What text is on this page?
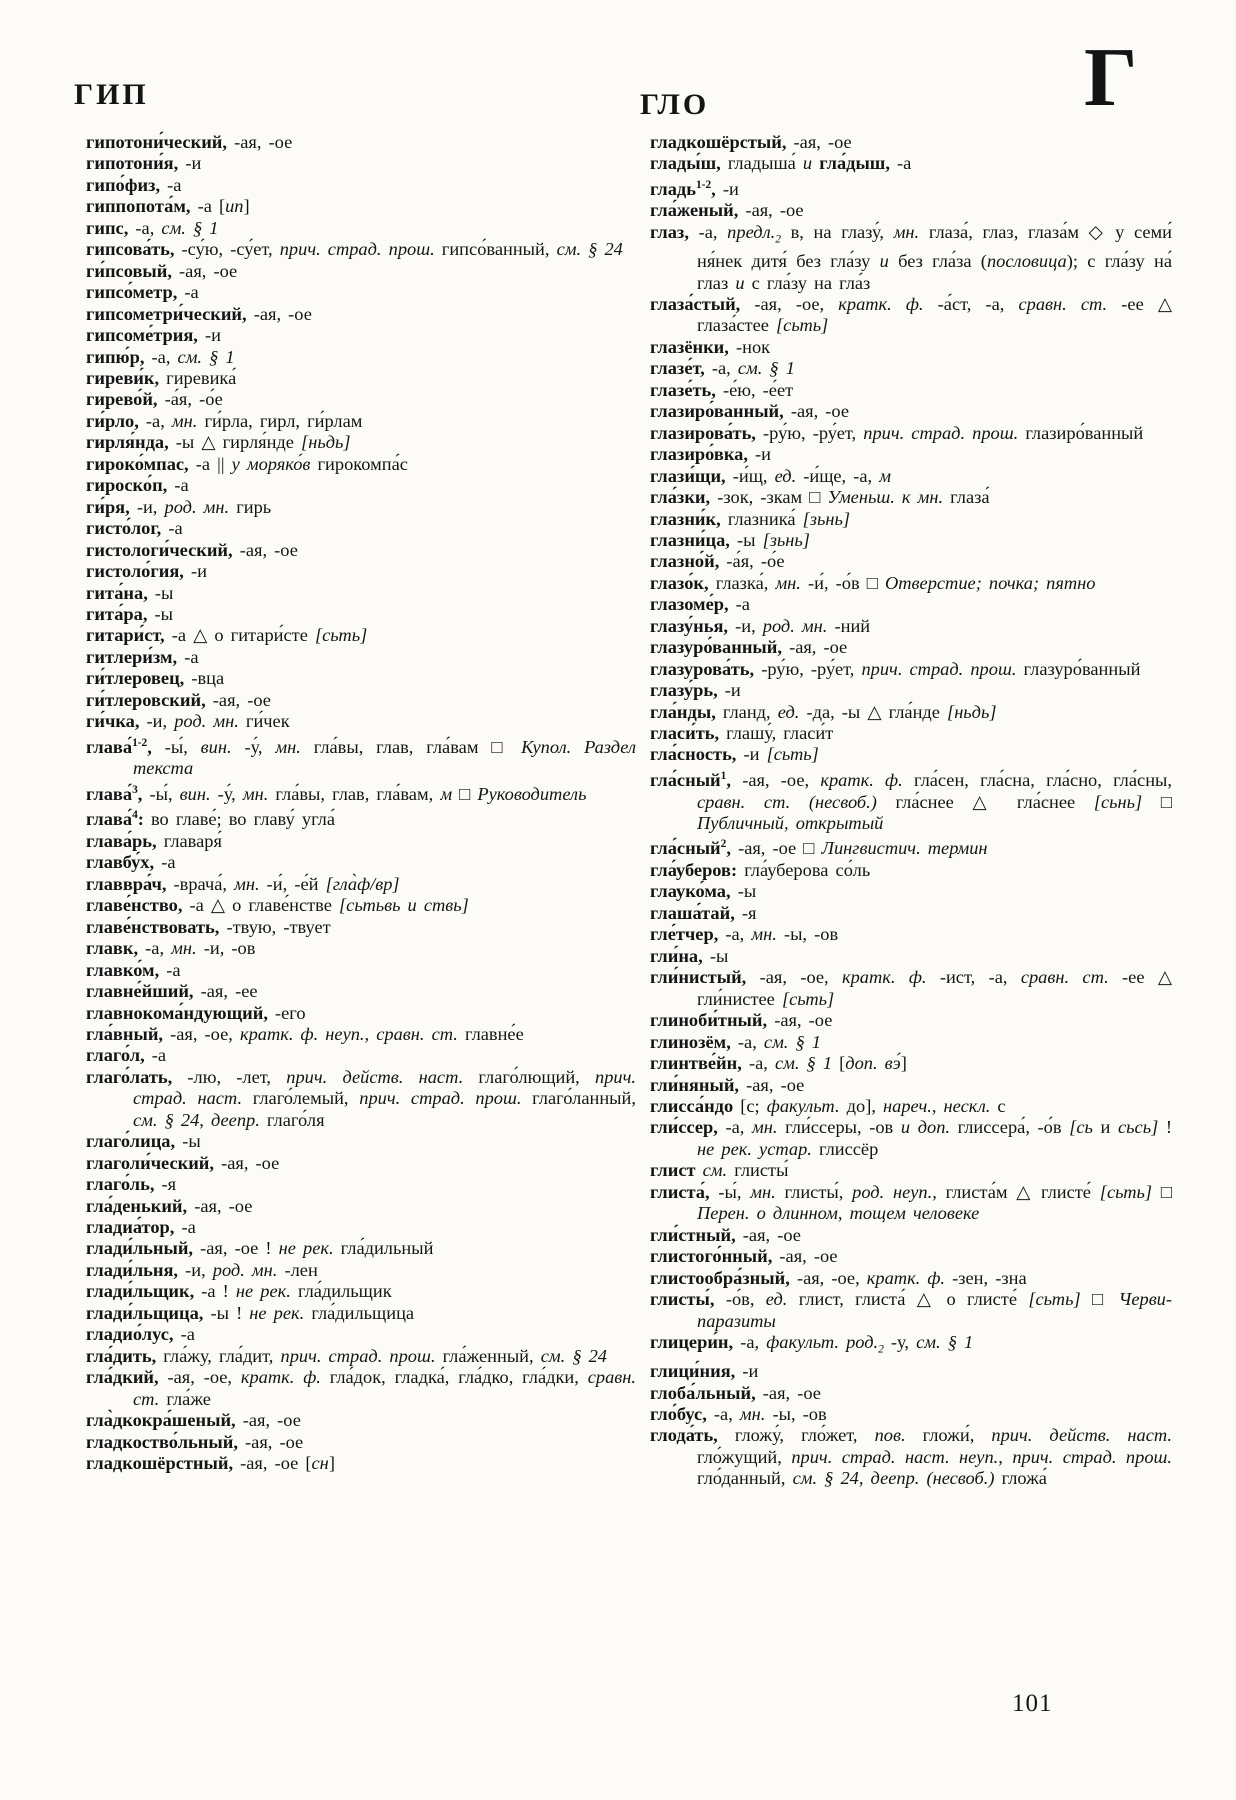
ГИП	ГЛО	Г

гипотони́ческий, -ая, -ое

гипотони́я, -и

гипо́физ, -а

гиппопота́м, -а [ип]

гипс, -а, см. § 1

гипсова́ть, -су́ю, -су́ет, прич. страд. прош. гипсо́ванный, см. § 24

ги́псовый, -ая, -ое

гипсо́метр, -а

гипсометри́ческий, -ая, -ое

гипсоме́трия, -и

гипю́р, -а, см. § 1

гиреви́к, гиревика́

гирево́й, -а́я, -о́е

ги́рло, -а, мн. ги́рла, гирл, ги́рлам

гирля́нда, -ы △ гирля́нде [ньдь]

гироко́мпас, -а || у моряко́в гирокомпа́с

гироско́п, -а

ги́ря, -и, род. мн. гирь

гисто́лог, -а

гистологи́ческий, -ая, -ое

гистоло́гия, -и

гита́на, -ы

гита́ра, -ы

гитари́ст, -а △ о гитари́сте [сьть]

гитлери́зм, -а

ги́тлеровец, -вца

ги́тлеровский, -ая, -ое

ги́чка, -и, род. мн. ги́чек

глава́$^{1-2}$, -ы́, вин. -у́, мн. гла́вы, глав, гла́вам □ Купол. Раздел текста

глава́$^3$, -ы́, вин. -у́, мн. гла́вы, глав, гла́вам, м □ Руководитель

глава́$^4$: во главе́; во главу́ угла́

глава́рь, главаря́

главбу́х, -а

главвра́ч, -врача́, мн. -и́, -е́й [гла̀ф/вр]

главе́нство, -а △ о главе́нстве [сьтьвь и ствь]

главе́нствовать, -твую, -твует

главк, -а, мн. -и, -ов

главко́м, -а

главне́йший, -ая, -ее

главнокома́ндующий, -его

гла́вный, -ая, -ое, кратк. ф. неуп., сравн. ст. главне́е

глаго́л, -а

глаго́лать, -лю, -лет, прич. действ. наст. глаго́лющий, прич. страд. наст. глаго́лемый, прич. страд. прош. глаго́ланный, см. § 24, деепр. глаго́ля

глаго́лица, -ы

глаголи́ческий, -ая, -ое

глаго́ль, -я

гла́денький, -ая, -ое

гладиа́тор, -а

глади́льный, -ая, -ое ! не рек. гла́дильный

глади́льня, -и, род. мн. -лен

глади́льщик, -а ! не рек. гла́дильщик

глади́льщица, -ы ! не рек. гла́дильщица

гладио́лус, -а

гла́дить, гла́жу, гла́дит, прич. страд. прош. гла́женный, см. § 24

гла́дкий, -ая, -ое, кратк. ф. гла́док, гладка́, гла́дко, гла́дки, сравн. ст. гла́же

гла̀дкокра́шеный, -ая, -ое

гладкоство́льный, -ая, -ое

гладкошёрстный, -ая, -ое [сн]

гладкошёрстый, -ая, -ое

глады́ш, гладыша́ и гла́дыш, -а

гладь$^{1-2}$, -и

гла́женый, -ая, -ое

глаз, -а, $предл._2$ в, на глазу́, мн. глаза́, глаз, глаза́м ◇ у семи́ ня́нек дитя́ без гла́зу и без гла́за (пословица); с гла́зу на́ глаз и с гла́зу на гла́з

глаза́стый, -ая, -ое, кратк. ф. -а́ст, -а, сравн. ст. -ее △ глаза́стее [сьть]

глазёнки, -нок

глазе́т, -а, см. § 1

глазе́ть, -е́ю, -е́ет

глазиро́ванный, -ая, -ое

глазирова́ть, -ру́ю, -ру́ет, прич. страд. прош. глазиро́ванный

глазиро́вка, -и

глази́щи, -и́щ, ед. -и́ще, -а, м

гла́зки, -зок, -зкам □ Уменьш. к мн. глаза́

глазни́к, глазника́ [зьнь]

глазни́ца, -ы [зьнь]

глазно́й, -а́я, -о́е

глазо́к, глазка́, мн. -и́, -о́в □ Отверстие; почка; пятно

глазоме́р, -а

глазу́нья, -и, род. мн. -ний

глазуро́ванный, -ая, -ое

глазурова́ть, -ру́ю, -ру́ет, прич. страд. прош. глазуро́ванный

глазу́рь, -и

гла́нды, гланд, ед. -да, -ы △ гла́нде [ньдь]

гласи́ть, глашу́, гласи́т

гла́сность, -и [сьть]

гла́сный$^1$, -ая, -ое, кратк. ф. гла́сен, гла́сна, гла́сно, гла́сны, сравн. ст. (несвоб.) гла́снее △ гла́снее [сьнь] □ Публичный, открытый

гла́сный$^2$, -ая, -ое □ Лингвистич. термин

гла́уберов: гла́уберова со́ль

глауко́ма, -ы

глаша́тай, -я

гле́тчер, -а, мн. -ы, -ов

гли́на, -ы

гли́нистый, -ая, -ое, кратк. ф. -ист, -а, сравн. ст. -ее △ гли́нистее [сьть]

глиноби́тный, -ая, -ое

глинозём, -а, см. § 1

глинтве́йн, -а, см. § 1 [доп. вэ́]

гли́няный, -ая, -ое

глисса́ндо [с; факульт. до], нареч., нескл. с

гли́ссер, -а, мн. гли́ссеры, -ов и доп. глиссера́, -о́в [сь и сьсь] ! не рек. устар. глиссёр

глист см. глисты́

глиста́, -ы́, мн. глисты́, род. неуп., глиста́м △ глисте́ [сьть] □ Перен. о длинном, тощем человеке

гли́стный, -ая, -ое

глистого́нный, -ая, -ое

глистообра́зный, -ая, -ое, кратк. ф. -зен, -зна

глисты́, -о́в, ед. глист, глиста́ △ о глисте́ [сьть] □ Черви-паразиты

глицери́н, -а, факульт. $род._2$ -у, см. § 1

глици́ния, -и

глоба́льный, -ая, -ое

гло́бус, -а, мн. -ы, -ов

глода́ть, гложу́, гло́жет, пов. гложи́, прич. действ. наст. гло́жущий, прич. страд. наст. неуп., прич. страд. прош. гло́данный, см. § 24, деепр. (несвоб.) гложа́

101
